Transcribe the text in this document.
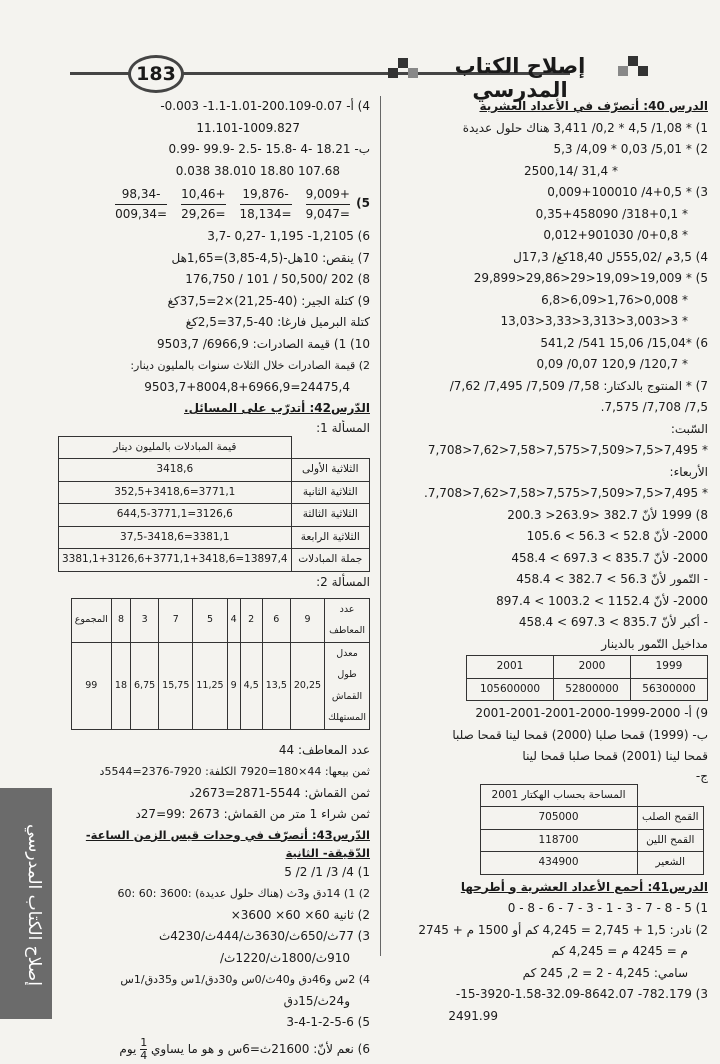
183	إصلاح الكتاب المدرسي
الدرس 40: أتصرّف في الأعداد العشرية
1) * 1,08/ 4,5 * 0,2/ 3,411 هناك حلول عديدة
2) * 5,01/ 0,03 * 4,09/ 5,3
* 31,4 /2500,14
3) * 4+0,5/ 0,009+100010
* 318+0,1/ 0,35+458090
* 0+0,8/ 0,012+901030
4) 3,5م /555,02ل 18,40كغ/ 17,3ل
5) * 19,009<19,09<29<29,86<29,899
* 0,008<1,76<6,09<6,8
* 3<3,003<3,313<3,33<13,03
6) *15,04/ 15,06 541/ 541,2
* 120,7/ 120,9 0,07/ 0,09
7) * المنتوج بالدكتار: 7,58/ 7,509/ 7,495/ 7,62/
7,5/ 7,708/ 7,575.
السّبت:
* 7,495<7,5<7,509<7,575<7,58<7,62<7,708
الأربعاء:
* 7,495<7,5<7,509<7,575<7,58<7,62<7,708.
8) 1999 لأنّ 382.7 <263.9< 200.3
2000- لأنّ 52.8 > 56.3 > 105.6
2000- لأنّ 835.7 > 697.3 > 458.4
- التّمور لأنّ 56.3 > 382.7 > 458.4
2000- لأنّ 1152.4 > 1003.2 > 897.4
- أكبر لأنّ 835.7 > 697.3 > 458.4
مداخيل التّمور بالدينار
1999	2000	2001
56300000	52800000	105600000
9) أ- 2000-1999-2000-2001-2001-2001
ب- (1999) قمحا صلبا (2000) قمحا لينا قمحا صلبا
قمحا لينا (2001) قمحا صلبا قمحا لينا
ج-
	المساحة بحساب الهكتار 2001
القمح الصلب	705000
القمح اللين	118700
الشعير	434900
الدرس41: أجمع الأعداد العشرية و أطرحها
1) 5 - 8 - 7 - 3 - 1 - 3 - 7 - 6 - 8 - 0
2) نادر: 1,5 + 2,745 = 4,245 كم أو 1500 م + 2745
م = 4245 م = 4,245 كم
سامي: 4,245 - 2 = 2, 245 كم
3) 782.179- 15-3920-1.58-32.09-8642.07-
2491.99
4) أ- 0.07-200.109-1.01-1.1- 0.003-
11.101-1009.827
ب- 18.21 -4 -15.8 -2.5 -99.9 -0.99
107.68 18.80 38.010 0.038
5)
98,34-
$009,34= \frac{10,46+}{29,26=} \frac{19,876-}{18,134=} \frac{9,009+}{9,047=}$
6) 1,2105- 1,195 -0,27 -3,7
7) ينقص: 10هل-(4,5-3,85)=1,65هل
8) 202 /50,500 / 101 / 176,750
9) كتلة الجير: (40-21,25)×2=37,5كغ
كتلة البرميل فارغا: 40-37,5=2,5كغ
10) 1) قيمة الصادرات: 6966,9/ 9503,7
2) قيمة الصادرات خلال الثلاث سنوات بالمليون دينار:
24475,4=9503,7+8004,8+6966,9
الدّرس42: أتدرّب على المسائل.
المسألة 1:
	قيمة المبادلات بالمليون دينار
الثلاثية الأولى	3418,6
الثلاثية الثانية	3771,1=352,5+3418,6
الثلاثية الثالثة	3126,6=644,5-3771,1
الثلاثية الرابعة	3381,1=37,5-3418,6
جملة المبادلات	13897,4=3381,1+3126,6+3771,1+3418,6
المسألة 2:
عدد المعاطف	9	6	2	4	5	7	3	8	المجموع
معدل طول القماش المستهلك	20,25	13,5	4,5	9	11,25	15,75	6,75	18	99
عدد المعاطف: 44
ثمن بيعها: 44×180=7920 الكلفة: 7920-2376=5544د
ثمن القماش: 5544-2871=2673د
ثمن شراء 1 متر من القماش: 2673 :99=27د
الدّرس43: أتصرّف في وحدات قيس الزمن الساعة- الدّقيقة- الثانية
1) 4/ 3/ 1/ 2/ 5
2) 1) 14دق و3ث (هناك حلول عديدة) :3600 :60 :60
2) ثانية 60× 60× 3600×
3) 77ث/650ث/3630ث/444ث/4230ث
910ث/1800ث/1220ث/
4) 2س و46دق و40ث/0س و30دق/1س و35دق/1س
و24ث/15دق
5) 3-4-1-2-5-6
6) نعم لأنّ: 21600ث=6س و هو ما يساوي
$\frac{1}{4}$
يوم
إصلاح الكتاب المدرسي
